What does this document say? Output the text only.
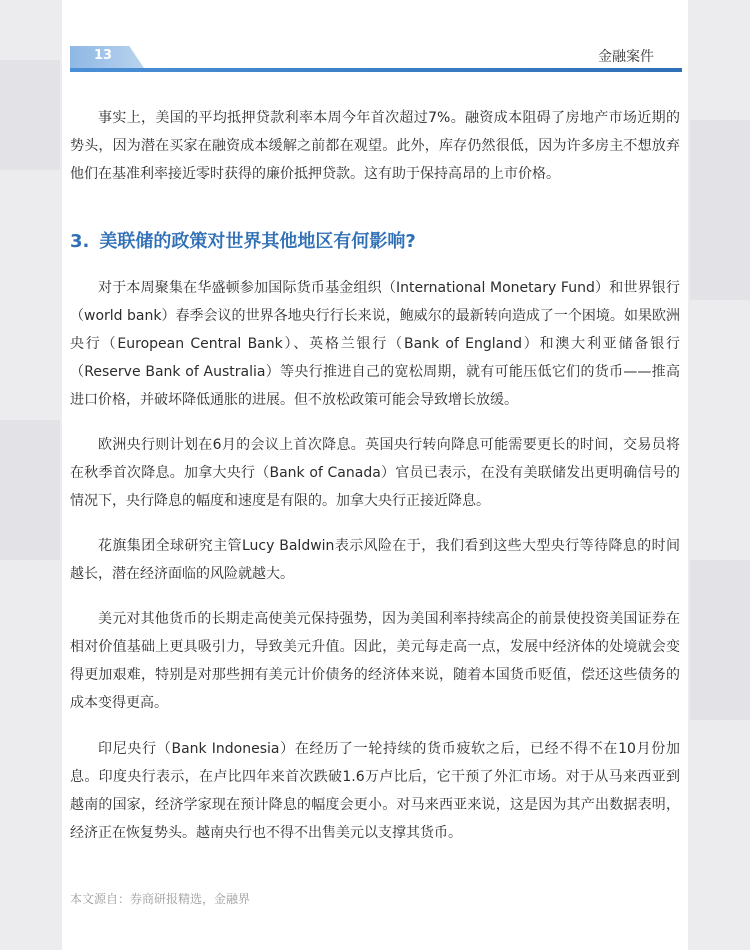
13	金融案件

事实上，美国的平均抵押贷款利率本周今年首次超过7%。融资成本阻碍了房地产市场近期的势头，因为潜在买家在融资成本缓解之前都在观望。此外，库存仍然很低，因为许多房主不想放弃他们在基准利率接近零时获得的廉价抵押贷款。这有助于保持高昂的上市价格。

3. 美联储的政策对世界其他地区有何影响?

对于本周聚集在华盛顿参加国际货币基金组织（International Monetary Fund）和世界银行（world bank）春季会议的世界各地央行行长来说，鲍威尔的最新转向造成了一个困境。如果欧洲央行（European Central Bank）、英格兰银行（Bank of England）和澳大利亚储备银行（Reserve Bank of Australia）等央行推进自己的宽松周期，就有可能压低它们的货币——推高进口价格，并破坏降低通胀的进展。但不放松政策可能会导致增长放缓。

欧洲央行则计划在6月的会议上首次降息。英国央行转向降息可能需要更长的时间，交易员将在秋季首次降息。加拿大央行（Bank of Canada）官员已表示，在没有美联储发出更明确信号的情况下，央行降息的幅度和速度是有限的。加拿大央行正接近降息。

花旗集团全球研究主管Lucy Baldwin表示风险在于，我们看到这些大型央行等待降息的时间越长，潜在经济面临的风险就越大。

美元对其他货币的长期走高使美元保持强势，因为美国利率持续高企的前景使投资美国证券在相对价值基础上更具吸引力，导致美元升值。因此，美元每走高一点，发展中经济体的处境就会变得更加艰难，特别是对那些拥有美元计价债务的经济体来说，随着本国货币贬值，偿还这些债务的成本变得更高。

印尼央行（Bank Indonesia）在经历了一轮持续的货币疲软之后，已经不得不在10月份加息。印度央行表示，在卢比四年来首次跌破1.6万卢比后，它干预了外汇市场。对于从马来西亚到越南的国家，经济学家现在预计降息的幅度会更小。对马来西亚来说，这是因为其产出数据表明，经济正在恢复势头。越南央行也不得不出售美元以支撑其货币。

本文源自：券商研报精选，金融界
